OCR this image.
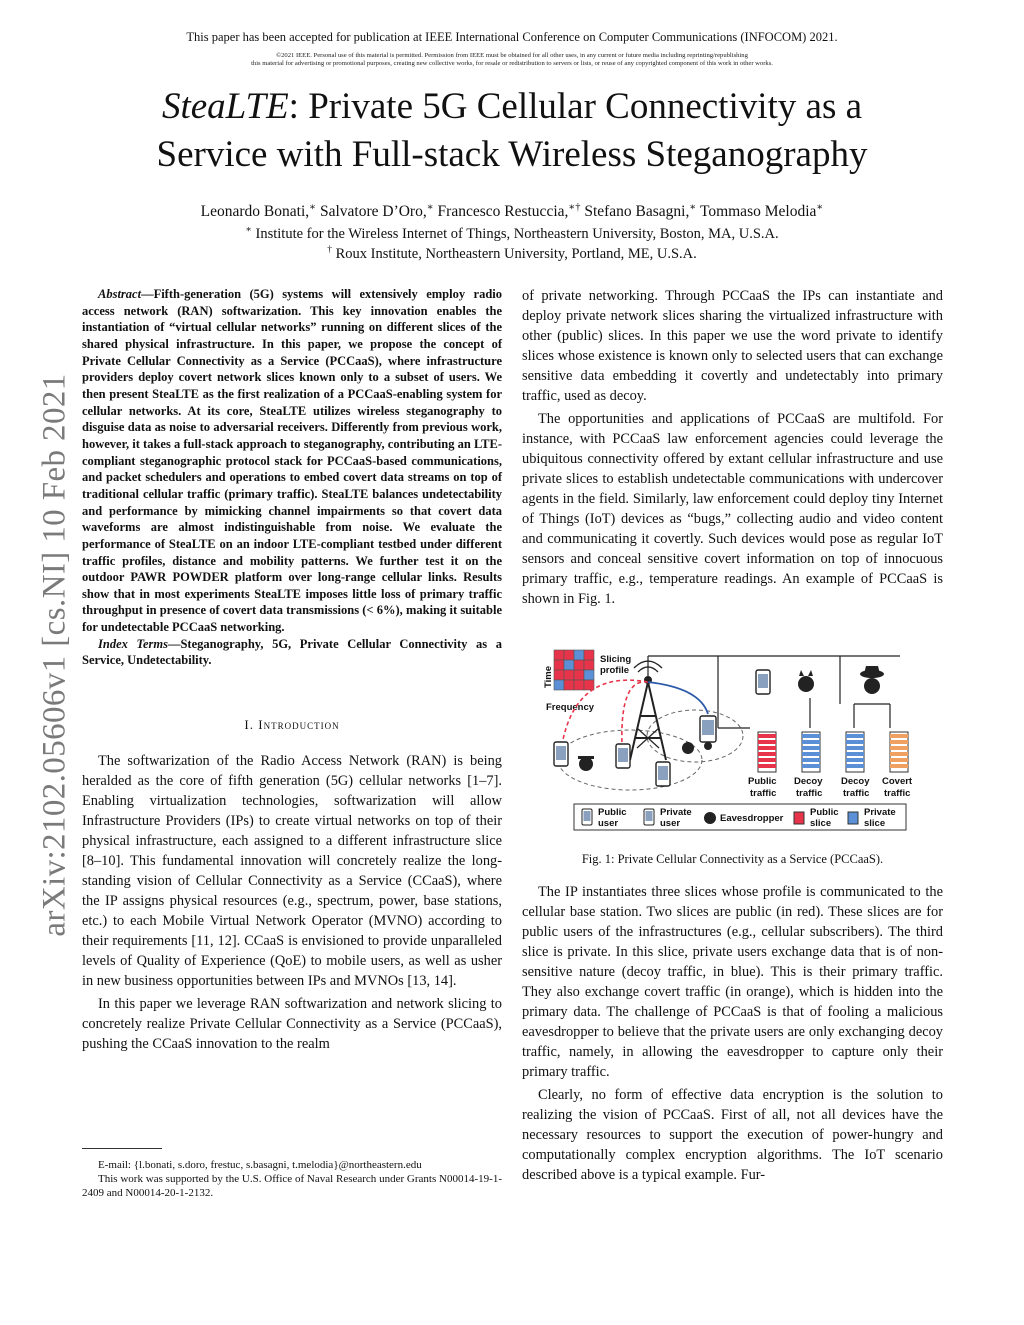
This paper has been accepted for publication at IEEE International Conference on Computer Communications (INFOCOM) 2021.
©2021 IEEE. Personal use of this material is permitted. Permission from IEEE must be obtained for all other uses, in any current or future media including reprinting/republishing
this material for advertising or promotional purposes, creating new collective works, for resale or redistribution to servers or lists, or reuse of any copyrighted component of this work in other works.
arXiv:2102.05606v1 [cs.NI] 10 Feb 2021
SteaLTE: Private 5G Cellular Connectivity as a
Service with Full-stack Wireless Steganography
Leonardo Bonati,∗ Salvatore D’Oro,∗ Francesco Restuccia,∗† Stefano Basagni,∗ Tommaso Melodia∗
∗ Institute for the Wireless Internet of Things, Northeastern University, Boston, MA, U.S.A.
† Roux Institute, Northeastern University, Portland, ME, U.S.A.

Abstract—Fifth-generation (5G) systems will extensively employ radio access network (RAN) softwarization. This key innovation enables the instantiation of “virtual cellular networks” running on different slices of the shared physical infrastructure. In this paper, we propose the concept of Private Cellular Connectivity as a Service (PCCaaS), where infrastructure providers deploy covert network slices known only to a subset of users. We then present SteaLTE as the first realization of a PCCaaS-enabling system for cellular networks. At its core, SteaLTE utilizes wireless steganography to disguise data as noise to adversarial receivers. Differently from previous work, however, it takes a full-stack approach to steganography, contributing an LTE-compliant steganographic protocol stack for PCCaaS-based communications, and packet schedulers and operations to embed covert data streams on top of traditional cellular traffic (primary traffic). SteaLTE balances undetectability and performance by mimicking channel impairments so that covert data waveforms are almost indistinguishable from noise. We evaluate the performance of SteaLTE on an indoor LTE-compliant testbed under different traffic profiles, distance and mobility patterns. We further test it on the outdoor PAWR POWDER platform over long-range cellular links. Results show that in most experiments SteaLTE imposes little loss of primary traffic throughput in presence of covert data transmissions (< 6%), making it suitable for undetectable PCCaaS networking.

Index Terms—Steganography, 5G, Private Cellular Connectivity as a Service, Undetectability.

I. Introduction

The softwarization of the Radio Access Network (RAN) is being heralded as the core of fifth generation (5G) cellular networks [1–7]. Enabling virtualization technologies, softwarization will allow Infrastructure Providers (IPs) to create virtual networks on top of their physical infrastructure, each assigned to a different infrastructure slice [8–10]. This fundamental innovation will concretely realize the long-standing vision of Cellular Connectivity as a Service (CCaaS), where the IP assigns physical resources (e.g., spectrum, power, base stations, etc.) to each Mobile Virtual Network Operator (MVNO) according to their requirements [11, 12]. CCaaS is envisioned to provide unparalleled levels of Quality of Experience (QoE) to mobile users, as well as usher in new business opportunities between IPs and MVNOs [13, 14].

In this paper we leverage RAN softwarization and network slicing to concretely realize Private Cellular Connectivity as a Service (PCCaaS), pushing the CCaaS innovation to the realm

E-mail: {l.bonati, s.doro, frestuc, s.basagni, t.melodia}@northeastern.edu

This work was supported by the U.S. Office of Naval Research under Grants N00014-19-1-2409 and N00014-20-1-2132.

of private networking. Through PCCaaS the IPs can instantiate and deploy private network slices sharing the virtualized infrastructure with other (public) slices. In this paper we use the word private to identify slices whose existence is known only to selected users that can exchange sensitive data embedding it covertly and undetectably into primary traffic, used as decoy.

The opportunities and applications of PCCaaS are multifold. For instance, with PCCaaS law enforcement agencies could leverage the ubiquitous connectivity offered by extant cellular infrastructure and use private slices to establish undetectable communications with undercover agents in the field. Similarly, law enforcement could deploy tiny Internet of Things (IoT) devices as “bugs,” collecting audio and video content and communicating it covertly. Such devices would pose as regular IoT sensors and conceal sensitive covert information on top of innocuous primary traffic, e.g., temperature readings. An example of PCCaaS is shown in Fig. 1.

Time
Frequency
Slicing
profile
Public
traffic
Decoy
traffic
Decoy
traffic
Covert
traffic
Public
user
Private
user	Eavesdropper
Public
slice
Private
slice
Fig. 1: Private Cellular Connectivity as a Service (PCCaaS).

The IP instantiates three slices whose profile is communicated to the cellular base station. Two slices are public (in red). These slices are for public users of the infrastructures (e.g., cellular subscribers). The third slice is private. In this slice, private users exchange data that is of non-sensitive nature (decoy traffic, in blue). This is their primary traffic. They also exchange covert traffic (in orange), which is hidden into the primary data. The challenge of PCCaaS is that of fooling a malicious eavesdropper to believe that the private users are only exchanging decoy traffic, namely, in allowing the eavesdropper to capture only their primary traffic.

Clearly, no form of effective data encryption is the solution to realizing the vision of PCCaaS. First of all, not all devices have the necessary resources to support the execution of power-hungry and computationally complex encryption algorithms. The IoT scenario described above is a typical example. Fur-
